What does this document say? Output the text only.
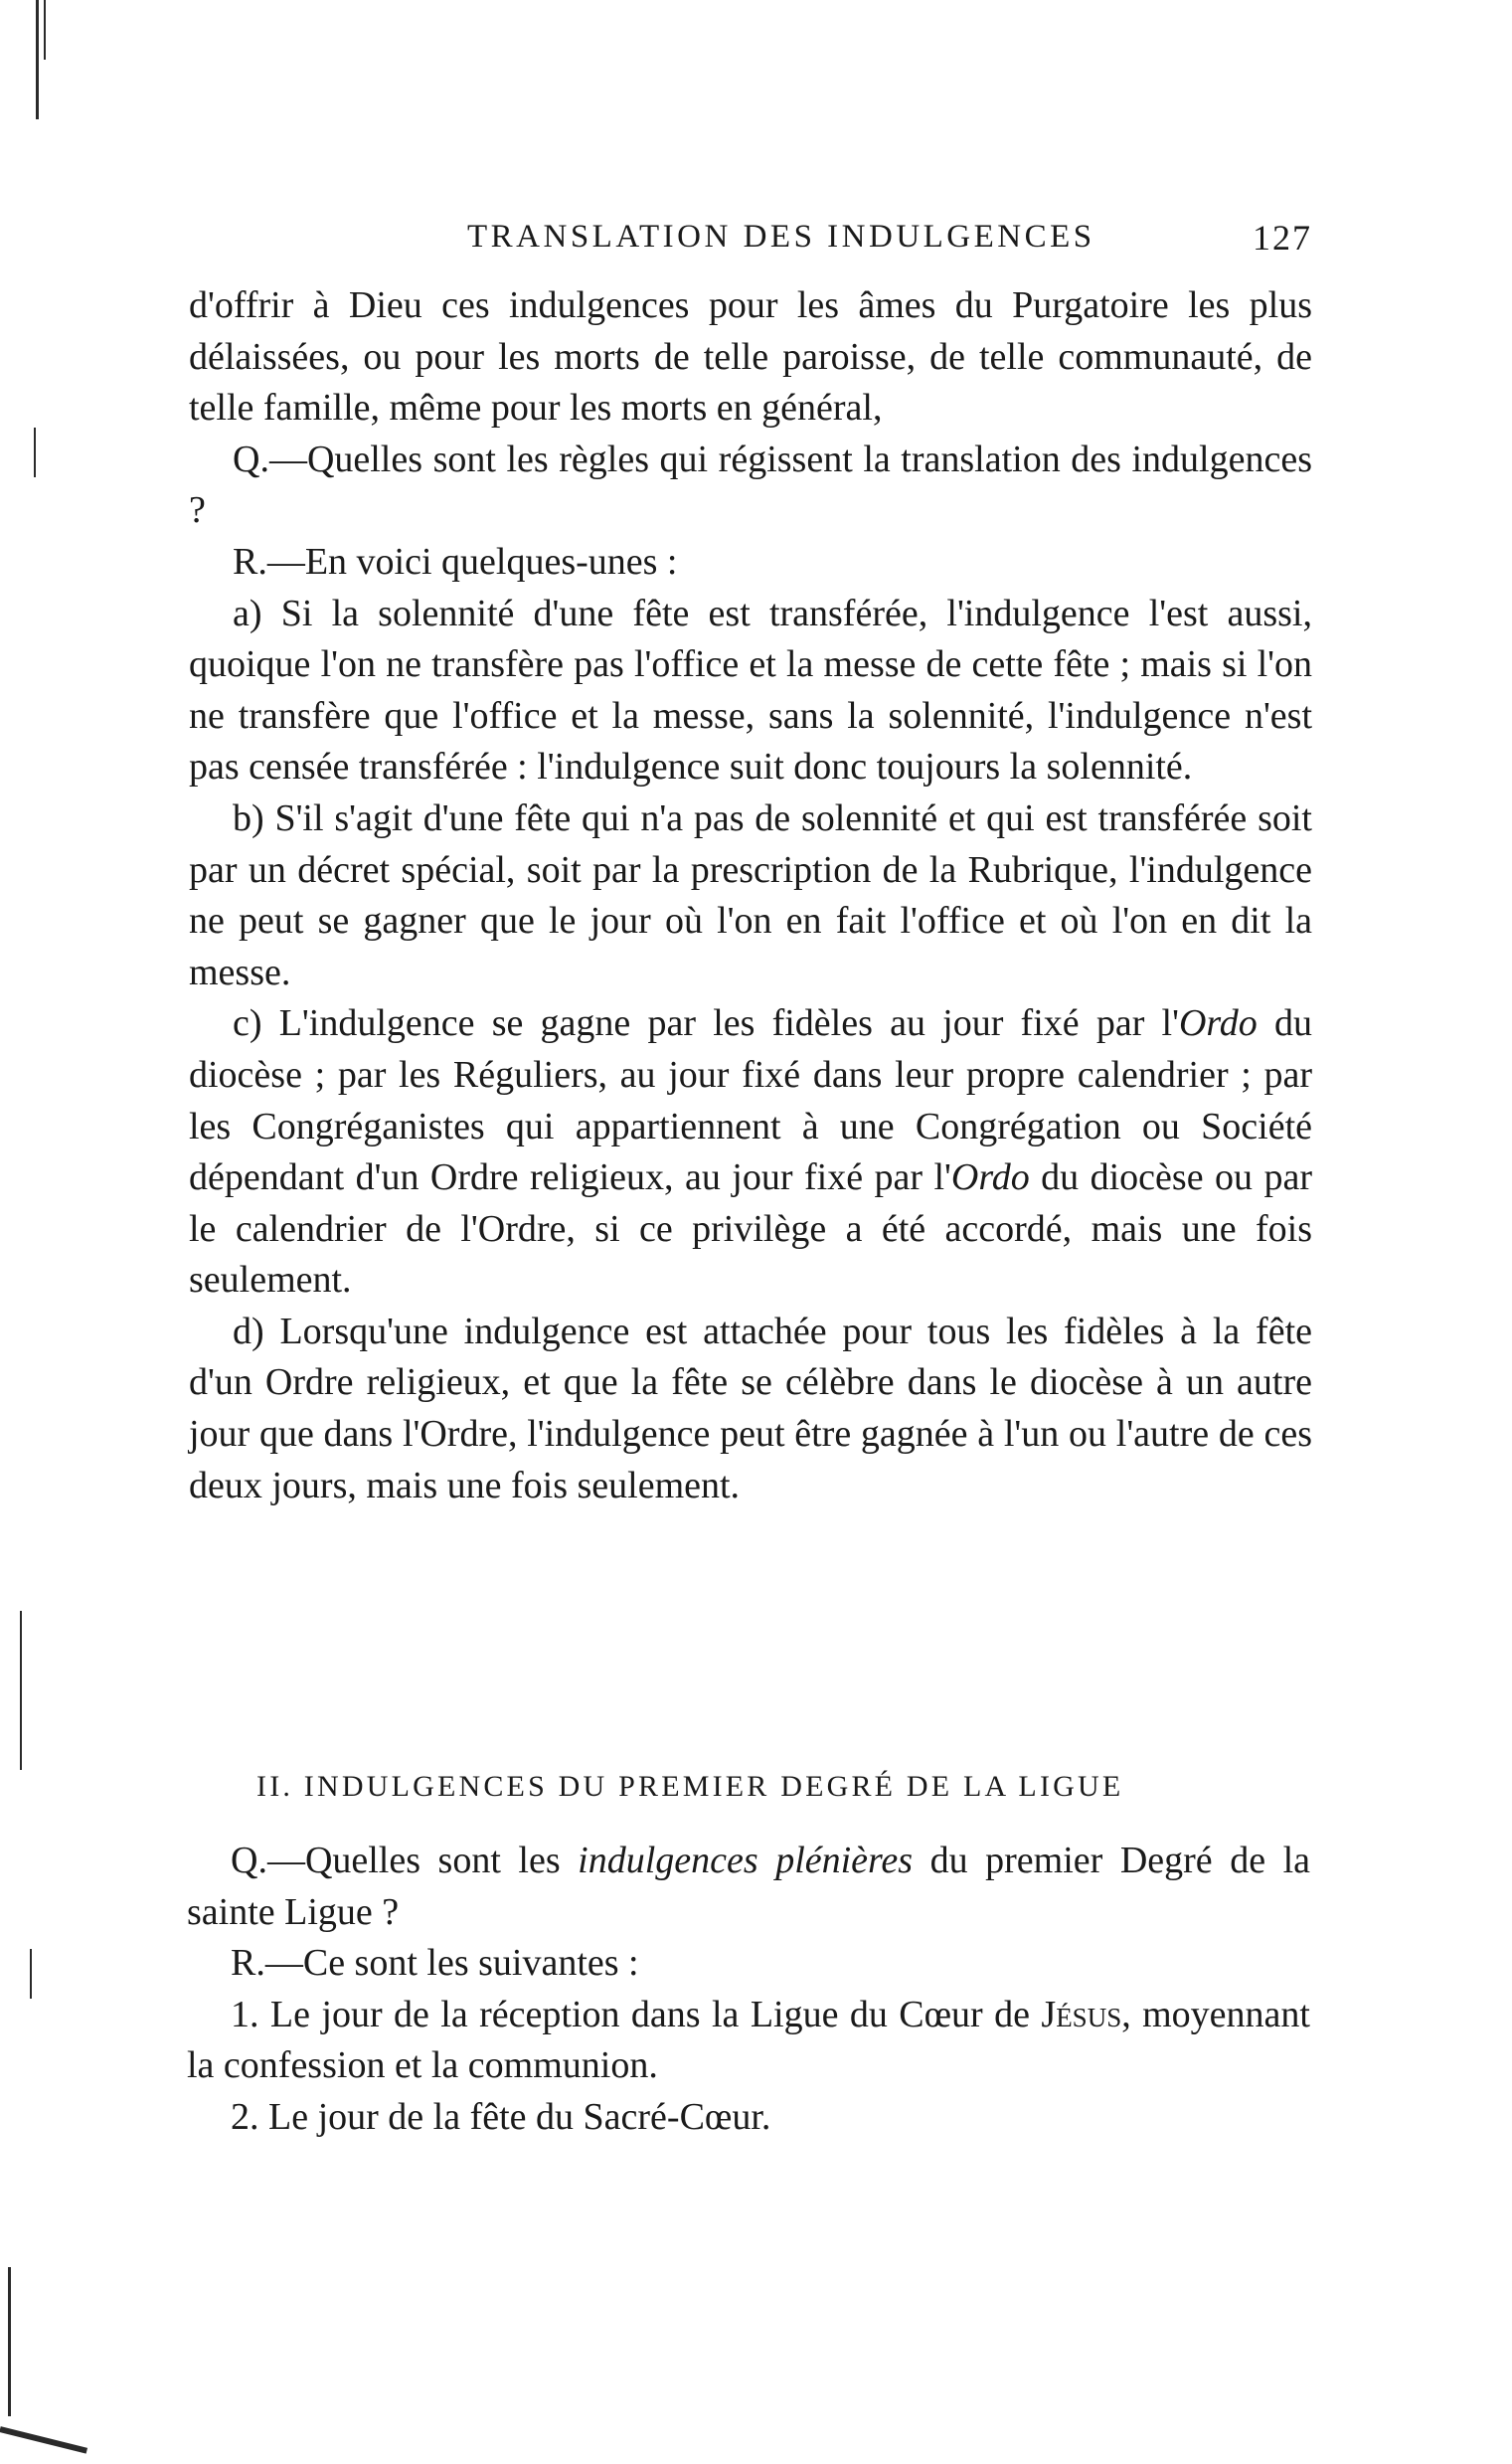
TRANSLATION DES INDULGENCES	127

d'offrir à Dieu ces indulgences pour les âmes du Purgatoire les plus délaissées, ou pour les morts de telle paroisse, de telle communauté, de telle famille, même pour les morts en général,

Q.—Quelles sont les règles qui régissent la translation des indulgences ?

R.—En voici quelques-unes :

a) Si la solennité d'une fête est transférée, l'indulgence l'est aussi, quoique l'on ne transfère pas l'office et la messe de cette fête ; mais si l'on ne transfère que l'office et la messe, sans la solennité, l'indulgence n'est pas censée transférée : l'indulgence suit donc toujours la solennité.

b) S'il s'agit d'une fête qui n'a pas de solennité et qui est transférée soit par un décret spécial, soit par la prescription de la Rubrique, l'indulgence ne peut se gagner que le jour où l'on en fait l'office et où l'on en dit la messe.

c) L'indulgence se gagne par les fidèles au jour fixé par l'Ordo du diocèse ; par les Réguliers, au jour fixé dans leur propre calendrier ; par les Congréganistes qui appartiennent à une Congrégation ou Société dépendant d'un Ordre religieux, au jour fixé par l'Ordo du diocèse ou par le calendrier de l'Ordre, si ce privilège a été accordé, mais une fois seulement.

d) Lorsqu'une indulgence est attachée pour tous les fidèles à la fête d'un Ordre religieux, et que la fête se célèbre dans le diocèse à un autre jour que dans l'Ordre, l'indulgence peut être gagnée à l'un ou l'autre de ces deux jours, mais une fois seulement.

II. INDULGENCES DU PREMIER DEGRÉ DE LA LIGUE

Q.—Quelles sont les indulgences plénières du premier Degré de la sainte Ligue ?

R.—Ce sont les suivantes :

1. Le jour de la réception dans la Ligue du Cœur de Jésus, moyennant la confession et la communion.

2. Le jour de la fête du Sacré-Cœur.
